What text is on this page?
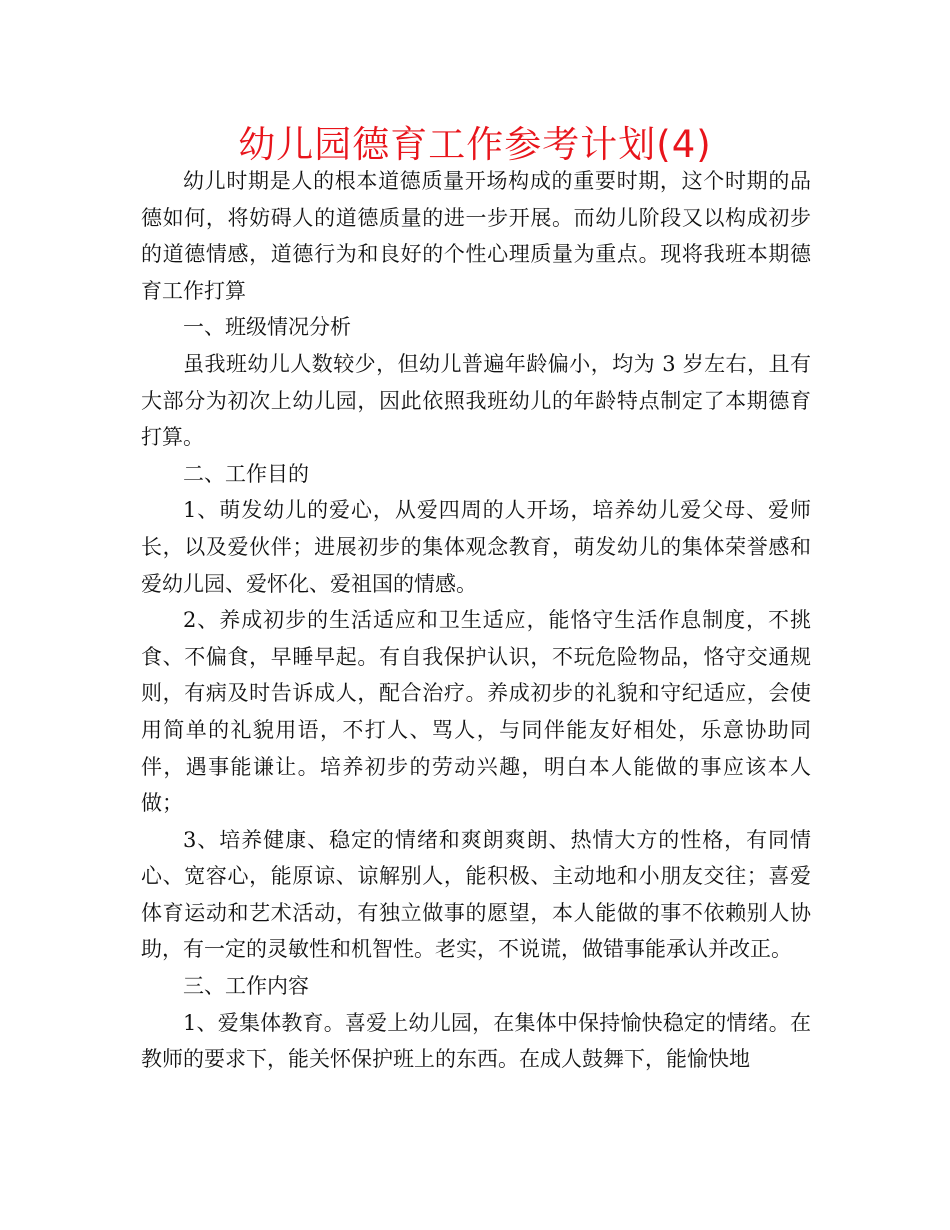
幼儿园德育工作参考计划(4)

幼儿时期是人的根本道德质量开场构成的重要时期，这个时期的品德如何，将妨碍人的道德质量的进一步开展。而幼儿阶段又以构成初步的道德情感，道德行为和良好的个性心理质量为重点。现将我班本期德育工作打算

一、班级情况分析

虽我班幼儿人数较少，但幼儿普遍年龄偏小，均为 3 岁左右，且有大部分为初次上幼儿园，因此依照我班幼儿的年龄特点制定了本期德育打算。

二、工作目的

1、萌发幼儿的爱心，从爱四周的人开场，培养幼儿爱父母、爱师长，以及爱伙伴；进展初步的集体观念教育，萌发幼儿的集体荣誉感和爱幼儿园、爱怀化、爱祖国的情感。

2、养成初步的生活适应和卫生适应，能恪守生活作息制度，不挑食、不偏食，早睡早起。有自我保护认识，不玩危险物品，恪守交通规则，有病及时告诉成人，配合治疗。养成初步的礼貌和守纪适应，会使用简单的礼貌用语，不打人、骂人，与同伴能友好相处，乐意协助同伴，遇事能谦让。培养初步的劳动兴趣，明白本人能做的事应该本人做；

3、培养健康、稳定的情绪和爽朗爽朗、热情大方的性格，有同情心、宽容心，能原谅、谅解别人，能积极、主动地和小朋友交往；喜爱体育运动和艺术活动，有独立做事的愿望，本人能做的事不依赖别人协助，有一定的灵敏性和机智性。老实，不说谎，做错事能承认并改正。

三、工作内容

1、爱集体教育。喜爱上幼儿园，在集体中保持愉快稳定的情绪。在教师的要求下，能关怀保护班上的东西。在成人鼓舞下，能愉快地
